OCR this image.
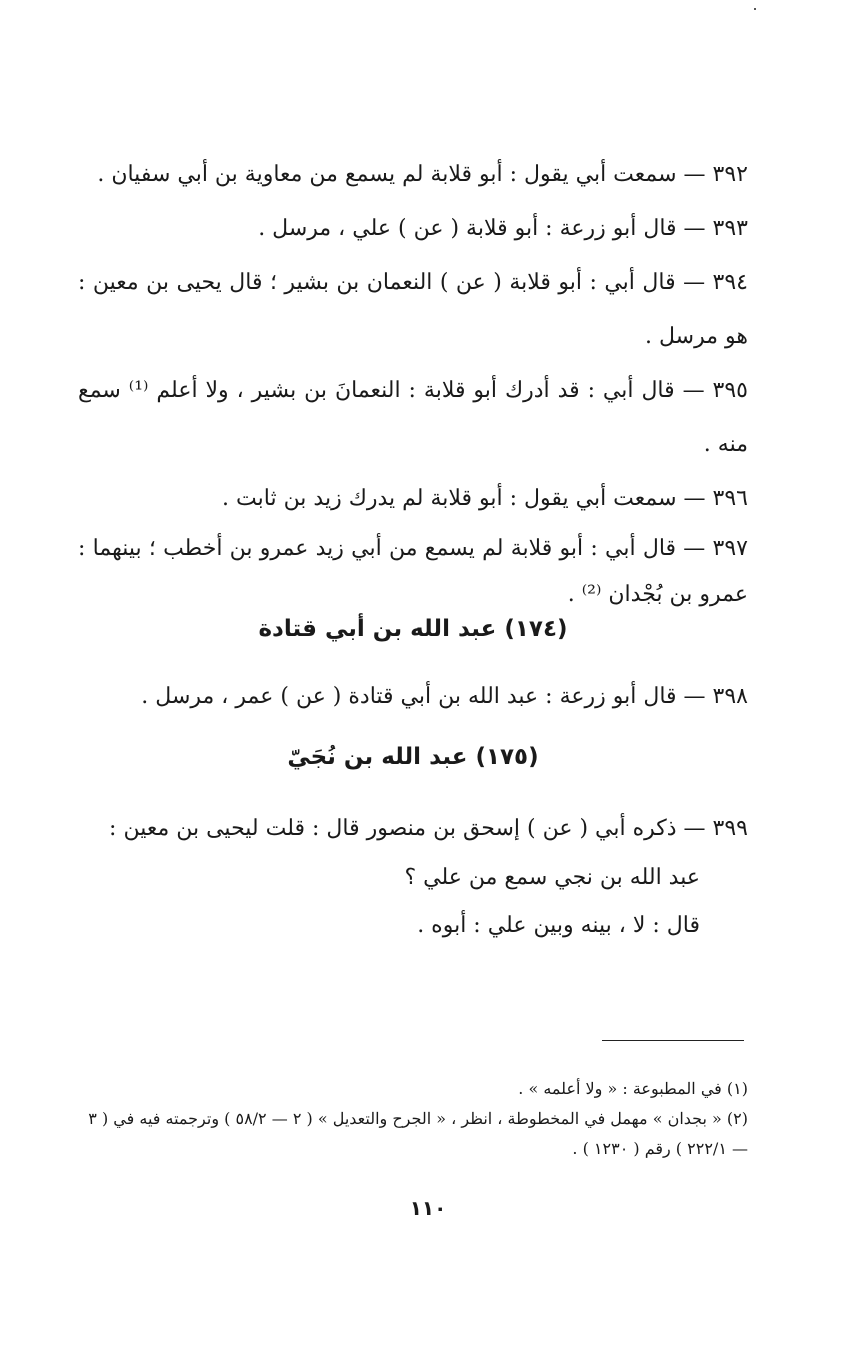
٣٩٢ — سمعت أبي يقول : أبو قلابة لم يسمع من معاوية بن أبي سفيان .

٣٩٣ — قال أبو زرعة : أبو قلابة ( عن ) علي ، مرسل .

٣٩٤ — قال أبي : أبو قلابة ( عن ) النعمان بن بشير ؛ قال يحيى بن معين : هو مرسل .

٣٩٥ — قال أبي : قد أدرك أبو قلابة : النعمانَ بن بشير ، ولا أعلم ⁽¹⁾ سمع منه .

٣٩٦ — سمعت أبي يقول : أبو قلابة لم يدرك زيد بن ثابت .

٣٩٧ — قال أبي : أبو قلابة لم يسمع من أبي زيد عمرو بن أخطب ؛ بينهما : عمرو بن بُجْدان ⁽²⁾ .

(١٧٤) عبد الله بن أبي قتادة

٣٩٨ — قال أبو زرعة : عبد الله بن أبي قتادة ( عن ) عمر ، مرسل .

(١٧٥) عبد الله بن نُجَيّ

٣٩٩ — ذكره أبي ( عن ) إسحق بن منصور قال : قلت ليحيى بن معين :

عبد الله بن نجي سمع من علي ؟

قال : لا ، بينه وبين علي : أبوه .

(١) في المطبوعة : « ولا أعلمه » .

(٢) « بجدان » مهمل في المخطوطة ، انظر ، « الجرح والتعديل » ( ٢ — ٥٨/٢ ) وترجمته فيه في ( ٣ — ٢٢٢/١ ) رقم ( ١٢٣٠ ) .

١١٠
